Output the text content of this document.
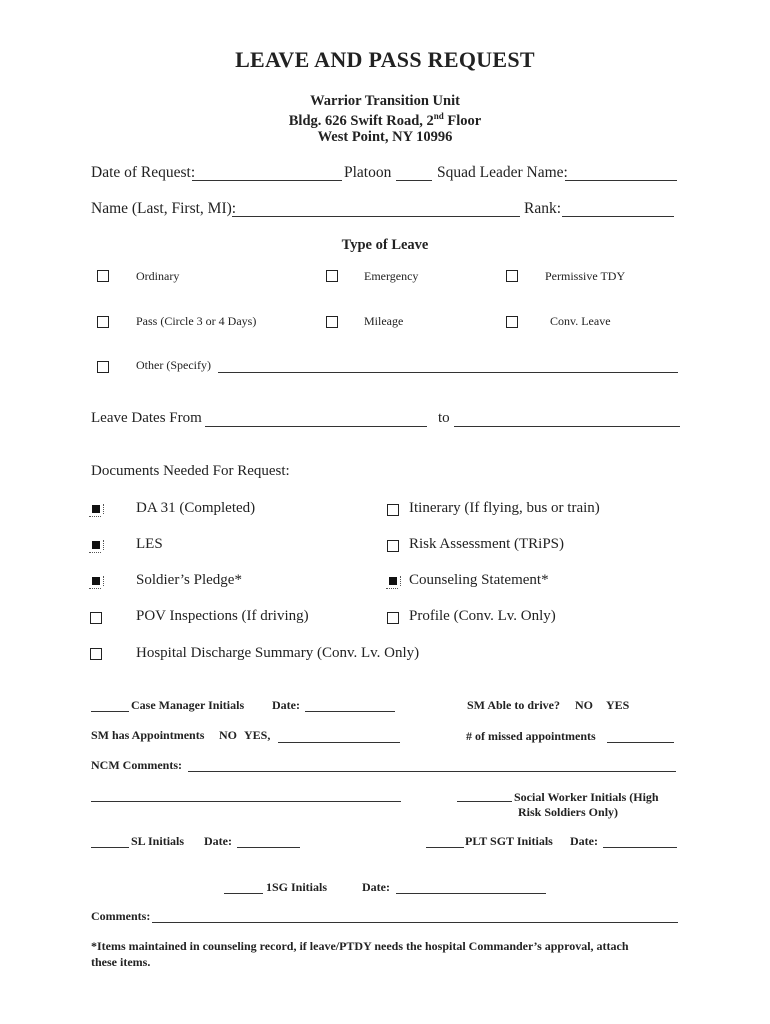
LEAVE AND PASS REQUEST
Warrior Transition Unit
Bldg. 626 Swift Road, 2nd Floor
West Point, NY 10996
Date of Request:	Platoon	Squad Leader Name:
Name (Last, First, MI):	Rank:
Type of Leave
Ordinary	Emergency	Permissive TDY
Pass (Circle 3 or 4 Days)	Mileage	Conv. Leave
Other (Specify)
Leave Dates From	to
Documents Needed For Request:
DA 31 (Completed)	Itinerary (If flying, bus or train)
LES	Risk Assessment (TRiPS)
Soldier’s Pledge*	Counseling Statement*
POV Inspections (If driving)	Profile (Conv. Lv. Only)
Hospital Discharge Summary (Conv. Lv. Only)
Case Manager Initials Date:	SM Able to drive? NO YES
SM has Appointments NO YES,	# of missed appointments
NCM Comments:
Social Worker Initials (High
Risk Soldiers Only)
SL Initials Date:	PLT SGT Initials Date:
1SG Initials	Date:
Comments:
*Items maintained in counseling record, if leave/PTDY needs the hospital Commander’s approval, attach
these items.
